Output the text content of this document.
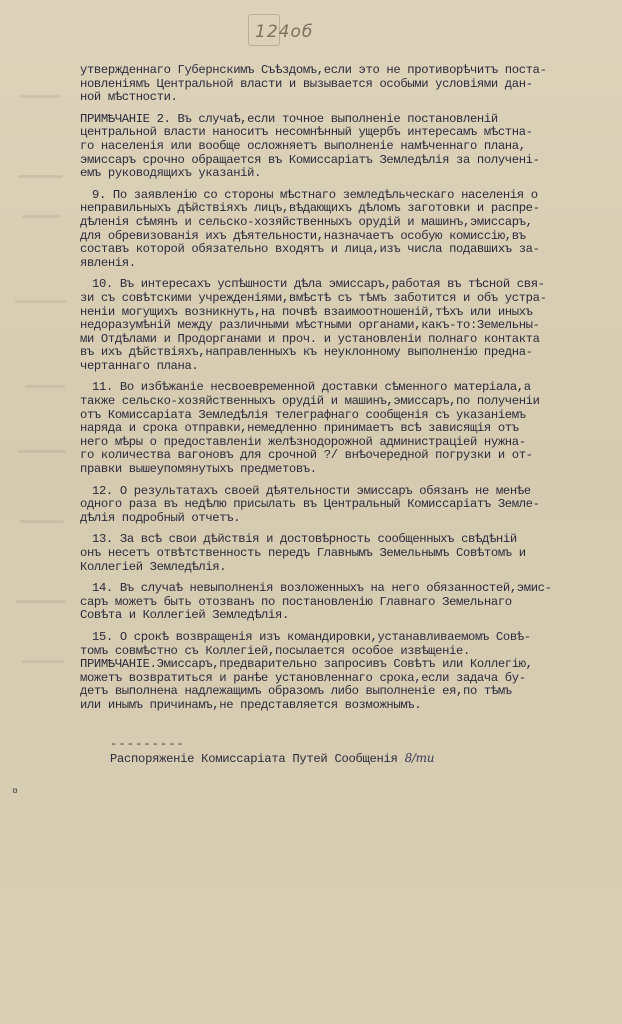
124об
утвержденнаго Губернскимъ Съѣздомъ,если это не противорѣчитъ поста-
новленіямъ Центральной власти и вызывается особыми условіями дан-
ной мѣстности.
ПРИМѢЧАНІЕ 2. Въ случаѣ,если точное выполненіе постановленій
центральной власти наноситъ несомнѣнный ущербъ интересамъ мѣстна-
го населенія или вообще осложняетъ выполненіе намѣченнаго плана,
эмиссаръ срочно обращается въ Комиссаріатъ Земледѣлія за полученi-
емъ руководящихъ указаній.
9. По заявленію со стороны мѣстнаго земледѣльческаго населенія о
неправильныхъ дѣйствіяхъ лицъ,вѣдающихъ дѣломъ заготовки и распре-
дѣленія сѣмянъ и сельско-хозяйственныхъ орудій и машинъ,эмиссаръ,
для обревизованія ихъ дѣятельности,назначаетъ особую комиссію,въ
составъ которой обязательно входятъ и лица,изъ числа подавшихъ за-
явленія.
10. Въ интересахъ успѣшности дѣла эмиссаръ,работая въ тѣсной свя-
зи съ совѣтскими учрежденіями,вмѣстѣ съ тѣмъ заботится и объ устра-
неніи могущихъ возникнуть,на почвѣ взаимоотношеній,тѣхъ или иныхъ
недоразумѣній между различными мѣстными органами,какъ-то:Земельны-
ми Отдѣлами и Продорганами и проч. и установленіи полнаго контакта
въ ихъ дѣйствіяхъ,направленныхъ къ неуклонному выполненію предна-
чертаннаго плана.
11. Во избѣжаніе несвоевременной доставки сѣменного матеріала,а
также сельско-хозяйственныхъ орудій и машинъ,эмиссаръ,по полученіи
отъ Комиссаріата Земледѣлія телеграфнаго сообщенія съ указаніемъ
наряда и срока отправки,немедленно принимаетъ всѣ зависящія отъ
него мѣры о предоставленіи желѣзнодорожной администраціей нужна-
го количества вагоновъ для срочной ?/ внѣочередной погрузки и от-
правки вышеупомянутыхъ предметовъ.
12. О результатахъ своей дѣятельности эмиссаръ обязанъ не менѣе
одного раза въ недѣлю присылать въ Центральный Комиссаріатъ Земле-
дѣлія подробный отчетъ.
13. За всѣ свои дѣйствія и достовѣрность сообщенныхъ свѣдѣній
онъ несетъ отвѣтственность передъ Главнымъ Земельнымъ Совѣтомъ и
Коллегіей Земледѣлія.
14. Въ случаѣ невыполненія возложенныхъ на него обязанностей,эмис-
саръ можетъ быть отозванъ по постановленію Главнаго Земельнаго
Совѣта и Коллегіей Земледѣлія.
15. О срокѣ возвращенія изъ командировки,устанавливаемомъ Совѣ-
томъ совмѣстно съ Коллегіей,посылается особое извѣщеніе.
ПРИМѢЧАНІЕ.Эмиссаръ,предварительно запросивъ Совѣтъ или Коллегію,
можетъ возвратиться и ранѣе установленнаго срока,если задача бу-
детъ выполнена надлежащимъ образомъ либо выполненіе ея,по тѣмъ
или инымъ причинамъ,не представляется возможнымъ.
---------
Распоряженіе Комиссаріата Путей Сообщенія 8/ти
¤
